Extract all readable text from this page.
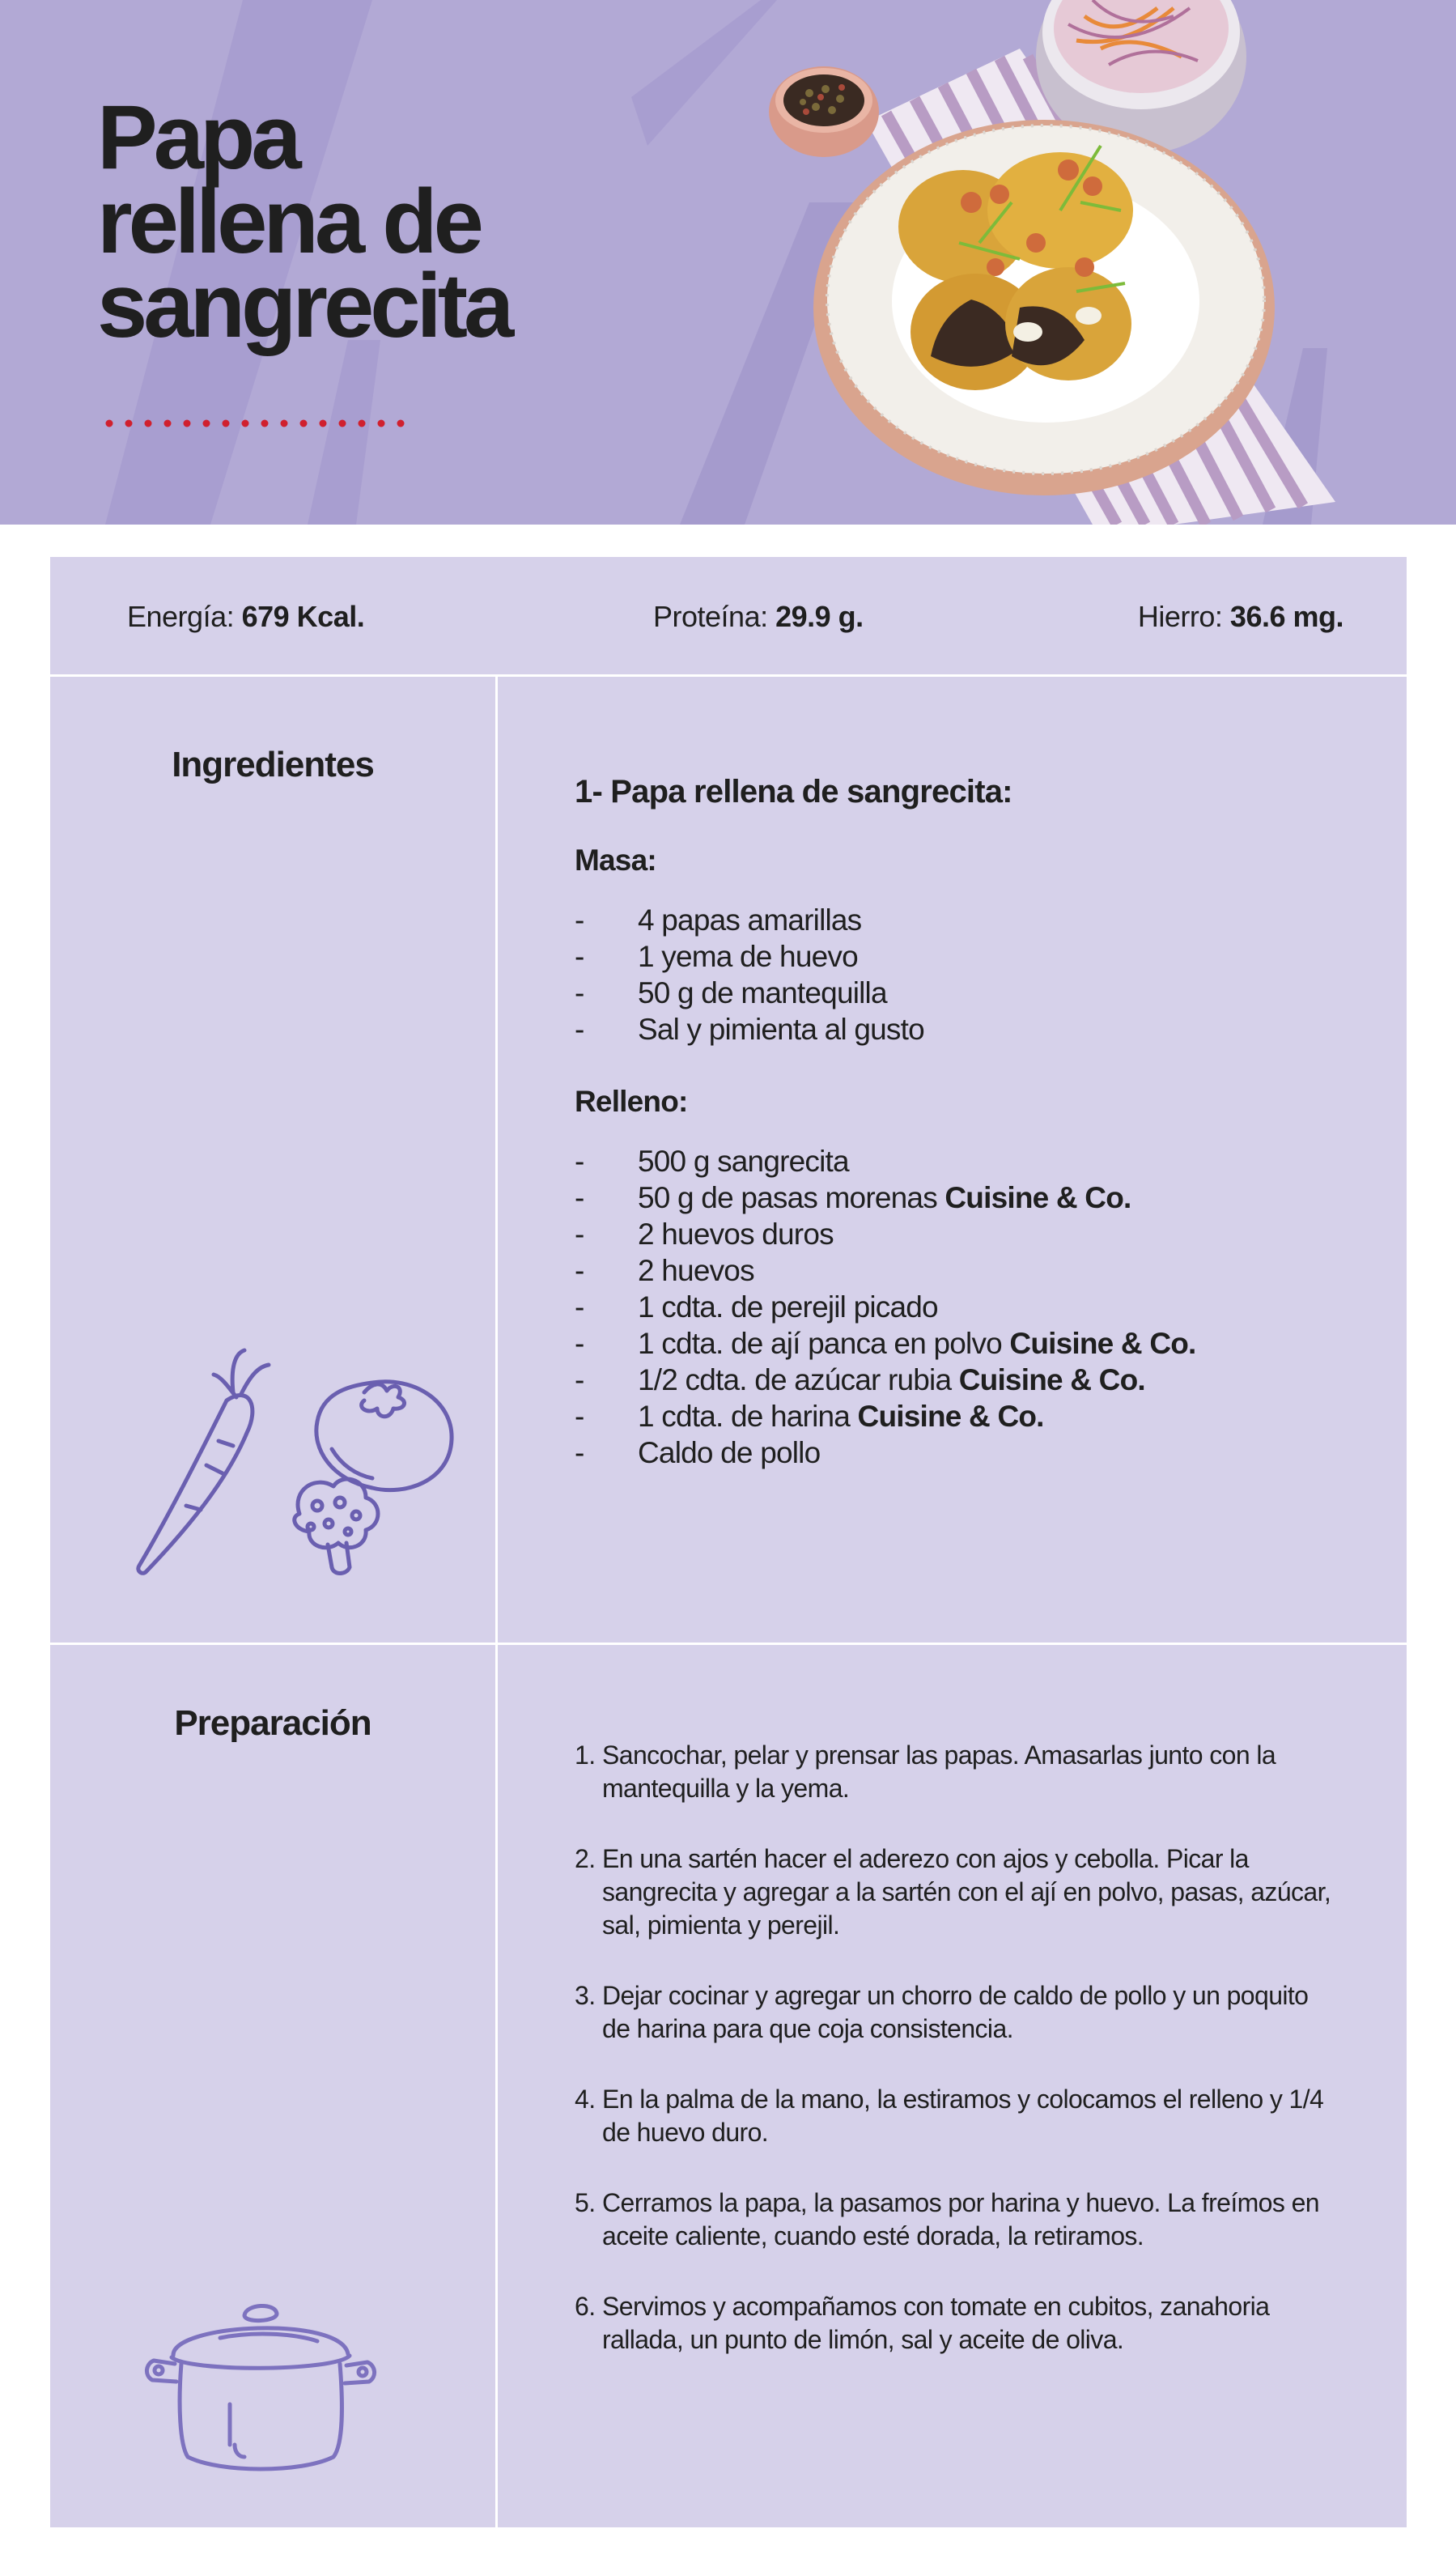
Papa
rellena de
sangrecita
Energía: 679 Kcal.	Proteína: 29.9 g.	Hierro: 36.6 mg.
Ingredientes
1- Papa rellena de sangrecita:
Masa:
- 4 papas amarillas
- 1 yema de huevo
- 50 g de mantequilla
- Sal y pimienta al gusto
Relleno:
- 500 g sangrecita
- 50 g de pasas morenas Cuisine & Co.
- 2 huevos duros
- 2 huevos
- 1 cdta. de perejil picado
- 1 cdta. de ají panca en polvo Cuisine & Co.
- 1/2 cdta. de azúcar rubia Cuisine & Co.
- 1 cdta. de harina Cuisine & Co.
- Caldo de pollo
Preparación
1. Sancochar, pelar y prensar las papas. Amasarlas junto con la mantequilla y la yema.
2. En una sartén hacer el aderezo con ajos y cebolla. Picar la sangrecita y agregar a la sartén con el ají en polvo, pasas, azúcar, sal, pimienta y perejil.
3. Dejar cocinar y agregar un chorro de caldo de pollo y un poquito de harina para que coja consistencia.
4. En la palma de la mano, la estiramos y colocamos el relleno y 1/4 de huevo duro.
5. Cerramos la papa, la pasamos por harina y huevo. La freímos en aceite caliente, cuando esté dorada, la retiramos.
6. Servimos y acompañamos con tomate en cubitos, zanahoria rallada, un punto de limón, sal y aceite de oliva.
